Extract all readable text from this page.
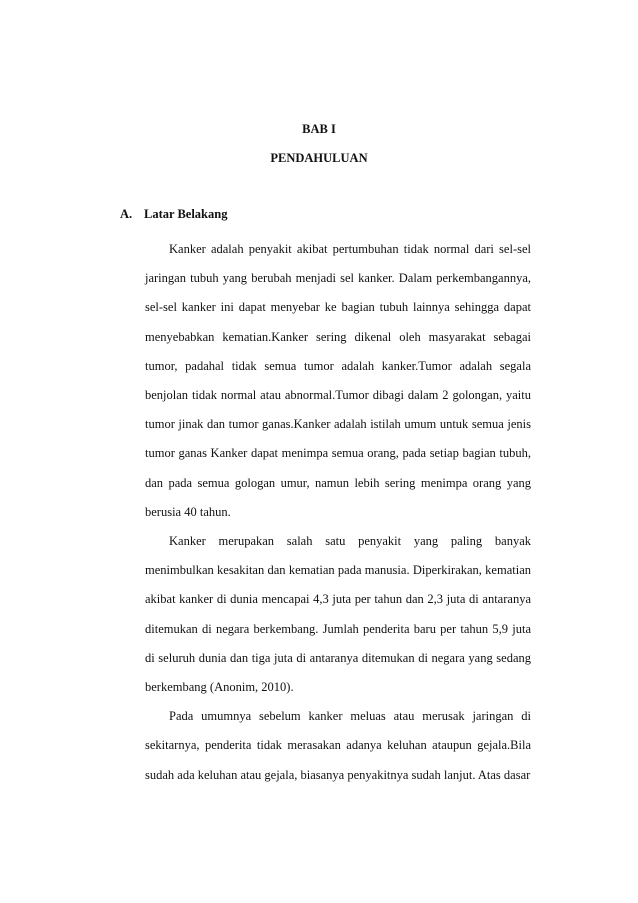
BAB I
PENDAHULUAN
A. Latar Belakang

Kanker adalah penyakit akibat pertumbuhan tidak normal dari sel-sel jaringan tubuh yang berubah menjadi sel kanker. Dalam perkembangannya, sel-sel kanker ini dapat menyebar ke bagian tubuh lainnya sehingga dapat menyebabkan kematian.Kanker sering dikenal oleh masyarakat sebagai tumor, padahal tidak semua tumor adalah kanker.Tumor adalah segala benjolan tidak normal atau abnormal.Tumor dibagi dalam 2 golongan, yaitu tumor jinak dan tumor ganas.Kanker adalah istilah umum untuk semua jenis tumor ganas Kanker dapat menimpa semua orang, pada setiap bagian tubuh, dan pada semua gologan umur, namun lebih sering menimpa orang yang berusia 40 tahun.

Kanker merupakan salah satu penyakit yang paling banyak menimbulkan kesakitan dan kematian pada manusia. Diperkirakan, kematian akibat kanker di dunia mencapai 4,3 juta per tahun dan 2,3 juta di antaranya ditemukan di negara berkembang. Jumlah penderita baru per tahun 5,9 juta di seluruh dunia dan tiga juta di antaranya ditemukan di negara yang sedang berkembang (Anonim, 2010).

Pada umumnya sebelum kanker meluas atau merusak jaringan di sekitarnya, penderita tidak merasakan adanya keluhan ataupun gejala.Bila sudah ada keluhan atau gejala, biasanya penyakitnya sudah lanjut. Atas dasar
